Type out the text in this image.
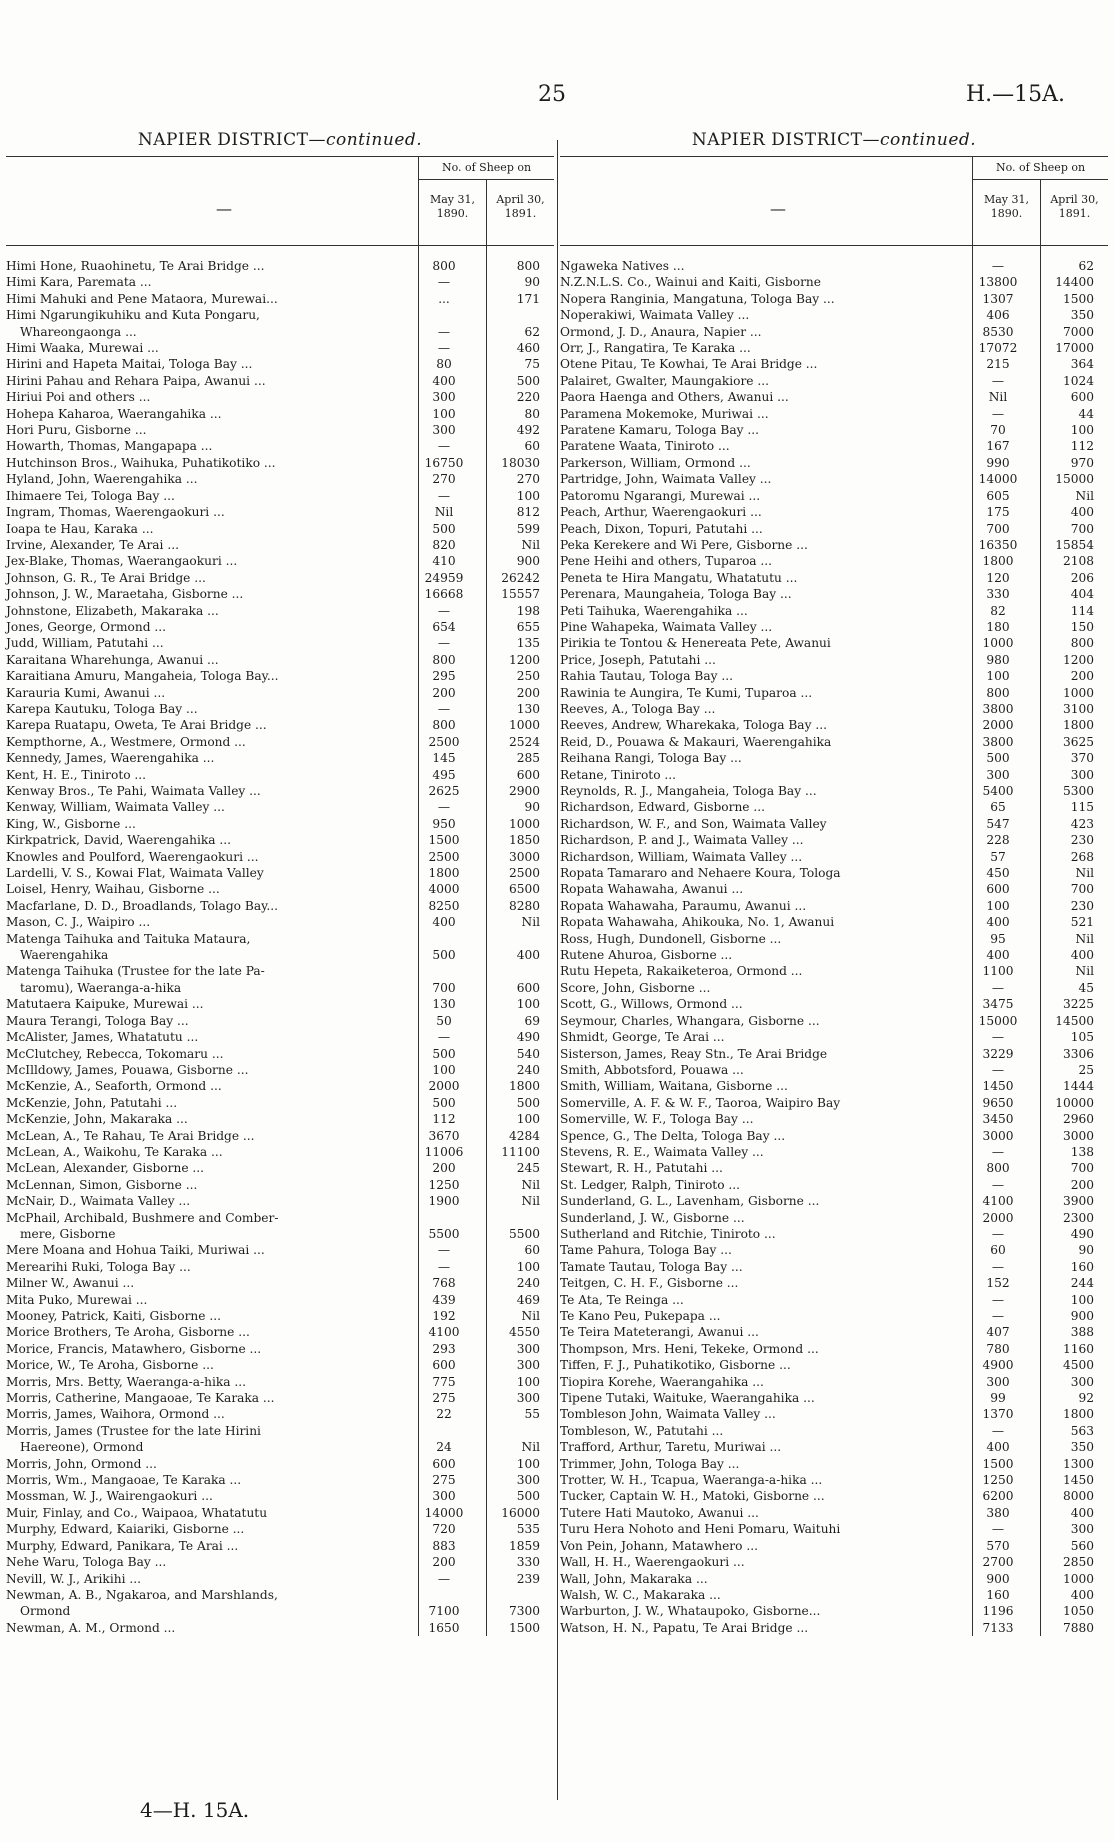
25	H.—15A.
NAPIER DISTRICT—continued.
—
No. of Sheep on
May 31, 1890.
April 30, 1891.
Himi Hone, Ruaohinetu, Te Arai Bridge ...	800	800
Himi Kara, Paremata ...	—	90
Himi Mahuki and Pene Mataora, Murewai...	...	171
Himi Ngarungikuhiku and Kuta Pongaru,
Whareongaonga ...	—	62
Himi Waaka, Murewai ...	—	460
Hirini and Hapeta Maitai, Tologa Bay ...	80	75
Hirini Pahau and Rehara Paipa, Awanui ...	400	500
Hiriui Poi and others ...	300	220
Hohepa Kaharoa, Waerangahika ...	100	80
Hori Puru, Gisborne ...	300	492
Howarth, Thomas, Mangapapa ...	—	60
Hutchinson Bros., Waihuka, Puhatikotiko ...	16750	18030
Hyland, John, Waerengahika ...	270	270
Ihimaere Tei, Tologa Bay ...	—	100
Ingram, Thomas, Waerengaokuri ...	Nil	812
Ioapa te Hau, Karaka ...	500	599
Irvine, Alexander, Te Arai ...	820	Nil
Jex-Blake, Thomas, Waerangaokuri ...	410	900
Johnson, G. R., Te Arai Bridge ...	24959	26242
Johnson, J. W., Maraetaha, Gisborne ...	16668	15557
Johnstone, Elizabeth, Makaraka ...	—	198
Jones, George, Ormond ...	654	655
Judd, William, Patutahi ...	—	135
Karaitana Wharehunga, Awanui ...	800	1200
Karaitiana Amuru, Mangaheia, Tologa Bay...	295	250
Karauria Kumi, Awanui ...	200	200
Karepa Kautuku, Tologa Bay ...	—	130
Karepa Ruatapu, Oweta, Te Arai Bridge ...	800	1000
Kempthorne, A., Westmere, Ormond ...	2500	2524
Kennedy, James, Waerengahika ...	145	285
Kent, H. E., Tiniroto ...	495	600
Kenway Bros., Te Pahi, Waimata Valley ...	2625	2900
Kenway, William, Waimata Valley ...	—	90
King, W., Gisborne ...	950	1000
Kirkpatrick, David, Waerengahika ...	1500	1850
Knowles and Poulford, Waerengaokuri ...	2500	3000
Lardelli, V. S., Kowai Flat, Waimata Valley	1800	2500
Loisel, Henry, Waihau, Gisborne ...	4000	6500
Macfarlane, D. D., Broadlands, Tolago Bay...	8250	8280
Mason, C. J., Waipiro ...	400	Nil
Matenga Taihuka and Taituka Mataura,
Waerengahika	500	400
Matenga Taihuka (Trustee for the late Pa-
taromu), Waeranga-a-hika	700	600
Matutaera Kaipuke, Murewai ...	130	100
Maura Terangi, Tologa Bay ...	50	69
McAlister, James, Whatatutu ...	—	490
McClutchey, Rebecca, Tokomaru ...	500	540
McIlldowy, James, Pouawa, Gisborne ...	100	240
McKenzie, A., Seaforth, Ormond ...	2000	1800
McKenzie, John, Patutahi ...	500	500
McKenzie, John, Makaraka ...	112	100
McLean, A., Te Rahau, Te Arai Bridge ...	3670	4284
McLean, A., Waikohu, Te Karaka ...	11006	11100
McLean, Alexander, Gisborne ...	200	245
McLennan, Simon, Gisborne ...	1250	Nil
McNair, D., Waimata Valley ...	1900	Nil
McPhail, Archibald, Bushmere and Comber-
mere, Gisborne	5500	5500
Mere Moana and Hohua Taiki, Muriwai ...	—	60
Merearihi Ruki, Tologa Bay ...	—	100
Milner W., Awanui ...	768	240
Mita Puko, Murewai ...	439	469
Mooney, Patrick, Kaiti, Gisborne ...	192	Nil
Morice Brothers, Te Aroha, Gisborne ...	4100	4550
Morice, Francis, Matawhero, Gisborne ...	293	300
Morice, W., Te Aroha, Gisborne ...	600	300
Morris, Mrs. Betty, Waeranga-a-hika ...	775	100
Morris, Catherine, Mangaoae, Te Karaka ...	275	300
Morris, James, Waihora, Ormond ...	22	55
Morris, James (Trustee for the late Hirini
Haereone), Ormond	24	Nil
Morris, John, Ormond ...	600	100
Morris, Wm., Mangaoae, Te Karaka ...	275	300
Mossman, W. J., Wairengaokuri ...	300	500
Muir, Finlay, and Co., Waipaoa, Whatatutu	14000	16000
Murphy, Edward, Kaiariki, Gisborne ...	720	535
Murphy, Edward, Panikara, Te Arai ...	883	1859
Nehe Waru, Tologa Bay ...	200	330
Nevill, W. J., Arikihi ...	—	239
Newman, A. B., Ngakaroa, and Marshlands,
Ormond	7100	7300
Newman, A. M., Ormond ...	1650	1500
NAPIER DISTRICT—continued.
—
No. of Sheep on
May 31, 1890.
April 30, 1891.
Ngaweka Natives ...	—	62
N.Z.N.L.S. Co., Wainui and Kaiti, Gisborne	13800	14400
Nopera Ranginia, Mangatuna, Tologa Bay ...	1307	1500
Noperakiwi, Waimata Valley ...	406	350
Ormond, J. D., Anaura, Napier ...	8530	7000
Orr, J., Rangatira, Te Karaka ...	17072	17000
Otene Pitau, Te Kowhai, Te Arai Bridge ...	215	364
Palairet, Gwalter, Maungakiore ...	—	1024
Paora Haenga and Others, Awanui ...	Nil	600
Paramena Mokemoke, Muriwai ...	—	44
Paratene Kamaru, Tologa Bay ...	70	100
Paratene Waata, Tiniroto ...	167	112
Parkerson, William, Ormond ...	990	970
Partridge, John, Waimata Valley ...	14000	15000
Patoromu Ngarangi, Murewai ...	605	Nil
Peach, Arthur, Waerengaokuri ...	175	400
Peach, Dixon, Topuri, Patutahi ...	700	700
Peka Kerekere and Wi Pere, Gisborne ...	16350	15854
Pene Heihi and others, Tuparoa ...	1800	2108
Peneta te Hira Mangatu, Whatatutu ...	120	206
Perenara, Maungaheia, Tologa Bay ...	330	404
Peti Taihuka, Waerengahika ...	82	114
Pine Wahapeka, Waimata Valley ...	180	150
Pirikia te Tontou & Henereata Pete, Awanui	1000	800
Price, Joseph, Patutahi ...	980	1200
Rahia Tautau, Tologa Bay ...	100	200
Rawinia te Aungira, Te Kumi, Tuparoa ...	800	1000
Reeves, A., Tologa Bay ...	3800	3100
Reeves, Andrew, Wharekaka, Tologa Bay ...	2000	1800
Reid, D., Pouawa & Makauri, Waerengahika	3800	3625
Reihana Rangi, Tologa Bay ...	500	370
Retane, Tiniroto ...	300	300
Reynolds, R. J., Mangaheia, Tologa Bay ...	5400	5300
Richardson, Edward, Gisborne ...	65	115
Richardson, W. F., and Son, Waimata Valley	547	423
Richardson, P. and J., Waimata Valley ...	228	230
Richardson, William, Waimata Valley ...	57	268
Ropata Tamararo and Nehaere Koura, Tologa	450	Nil
Ropata Wahawaha, Awanui ...	600	700
Ropata Wahawaha, Paraumu, Awanui ...	100	230
Ropata Wahawaha, Ahikouka, No. 1, Awanui	400	521
Ross, Hugh, Dundonell, Gisborne ...	95	Nil
Rutene Ahuroa, Gisborne ...	400	400
Rutu Hepeta, Rakaiketeroa, Ormond ...	1100	Nil
Score, John, Gisborne ...	—	45
Scott, G., Willows, Ormond ...	3475	3225
Seymour, Charles, Whangara, Gisborne ...	15000	14500
Shmidt, George, Te Arai ...	—	105
Sisterson, James, Reay Stn., Te Arai Bridge	3229	3306
Smith, Abbotsford, Pouawa ...	—	25
Smith, William, Waitana, Gisborne ...	1450	1444
Somerville, A. F. & W. F., Taoroa, Waipiro Bay	9650	10000
Somerville, W. F., Tologa Bay ...	3450	2960
Spence, G., The Delta, Tologa Bay ...	3000	3000
Stevens, R. E., Waimata Valley ...	—	138
Stewart, R. H., Patutahi ...	800	700
St. Ledger, Ralph, Tiniroto ...	—	200
Sunderland, G. L., Lavenham, Gisborne ...	4100	3900
Sunderland, J. W., Gisborne ...	2000	2300
Sutherland and Ritchie, Tiniroto ...	—	490
Tame Pahura, Tologa Bay ...	60	90
Tamate Tautau, Tologa Bay ...	—	160
Teitgen, C. H. F., Gisborne ...	152	244
Te Ata, Te Reinga ...	—	100
Te Kano Peu, Pukepapa ...	—	900
Te Teira Mateterangi, Awanui ...	407	388
Thompson, Mrs. Heni, Tekeke, Ormond ...	780	1160
Tiffen, F. J., Puhatikotiko, Gisborne ...	4900	4500
Tiopira Korehe, Waerangahika ...	300	300
Tipene Tutaki, Waituke, Waerangahika ...	99	92
Tombleson John, Waimata Valley ...	1370	1800
Tombleson, W., Patutahi ...	—	563
Trafford, Arthur, Taretu, Muriwai ...	400	350
Trimmer, John, Tologa Bay ...	1500	1300
Trotter, W. H., Tcapua, Waeranga-a-hika ...	1250	1450
Tucker, Captain W. H., Matoki, Gisborne ...	6200	8000
Tutere Hati Mautoko, Awanui ...	380	400
Turu Hera Nohoto and Heni Pomaru, Waituhi	—	300
Von Pein, Johann, Matawhero ...	570	560
Wall, H. H., Waerengaokuri ...	2700	2850
Wall, John, Makaraka ...	900	1000
Walsh, W. C., Makaraka ...	160	400
Warburton, J. W., Whataupoko, Gisborne...	1196	1050
Watson, H. N., Papatu, Te Arai Bridge ...	7133	7880
4—H. 15A.
